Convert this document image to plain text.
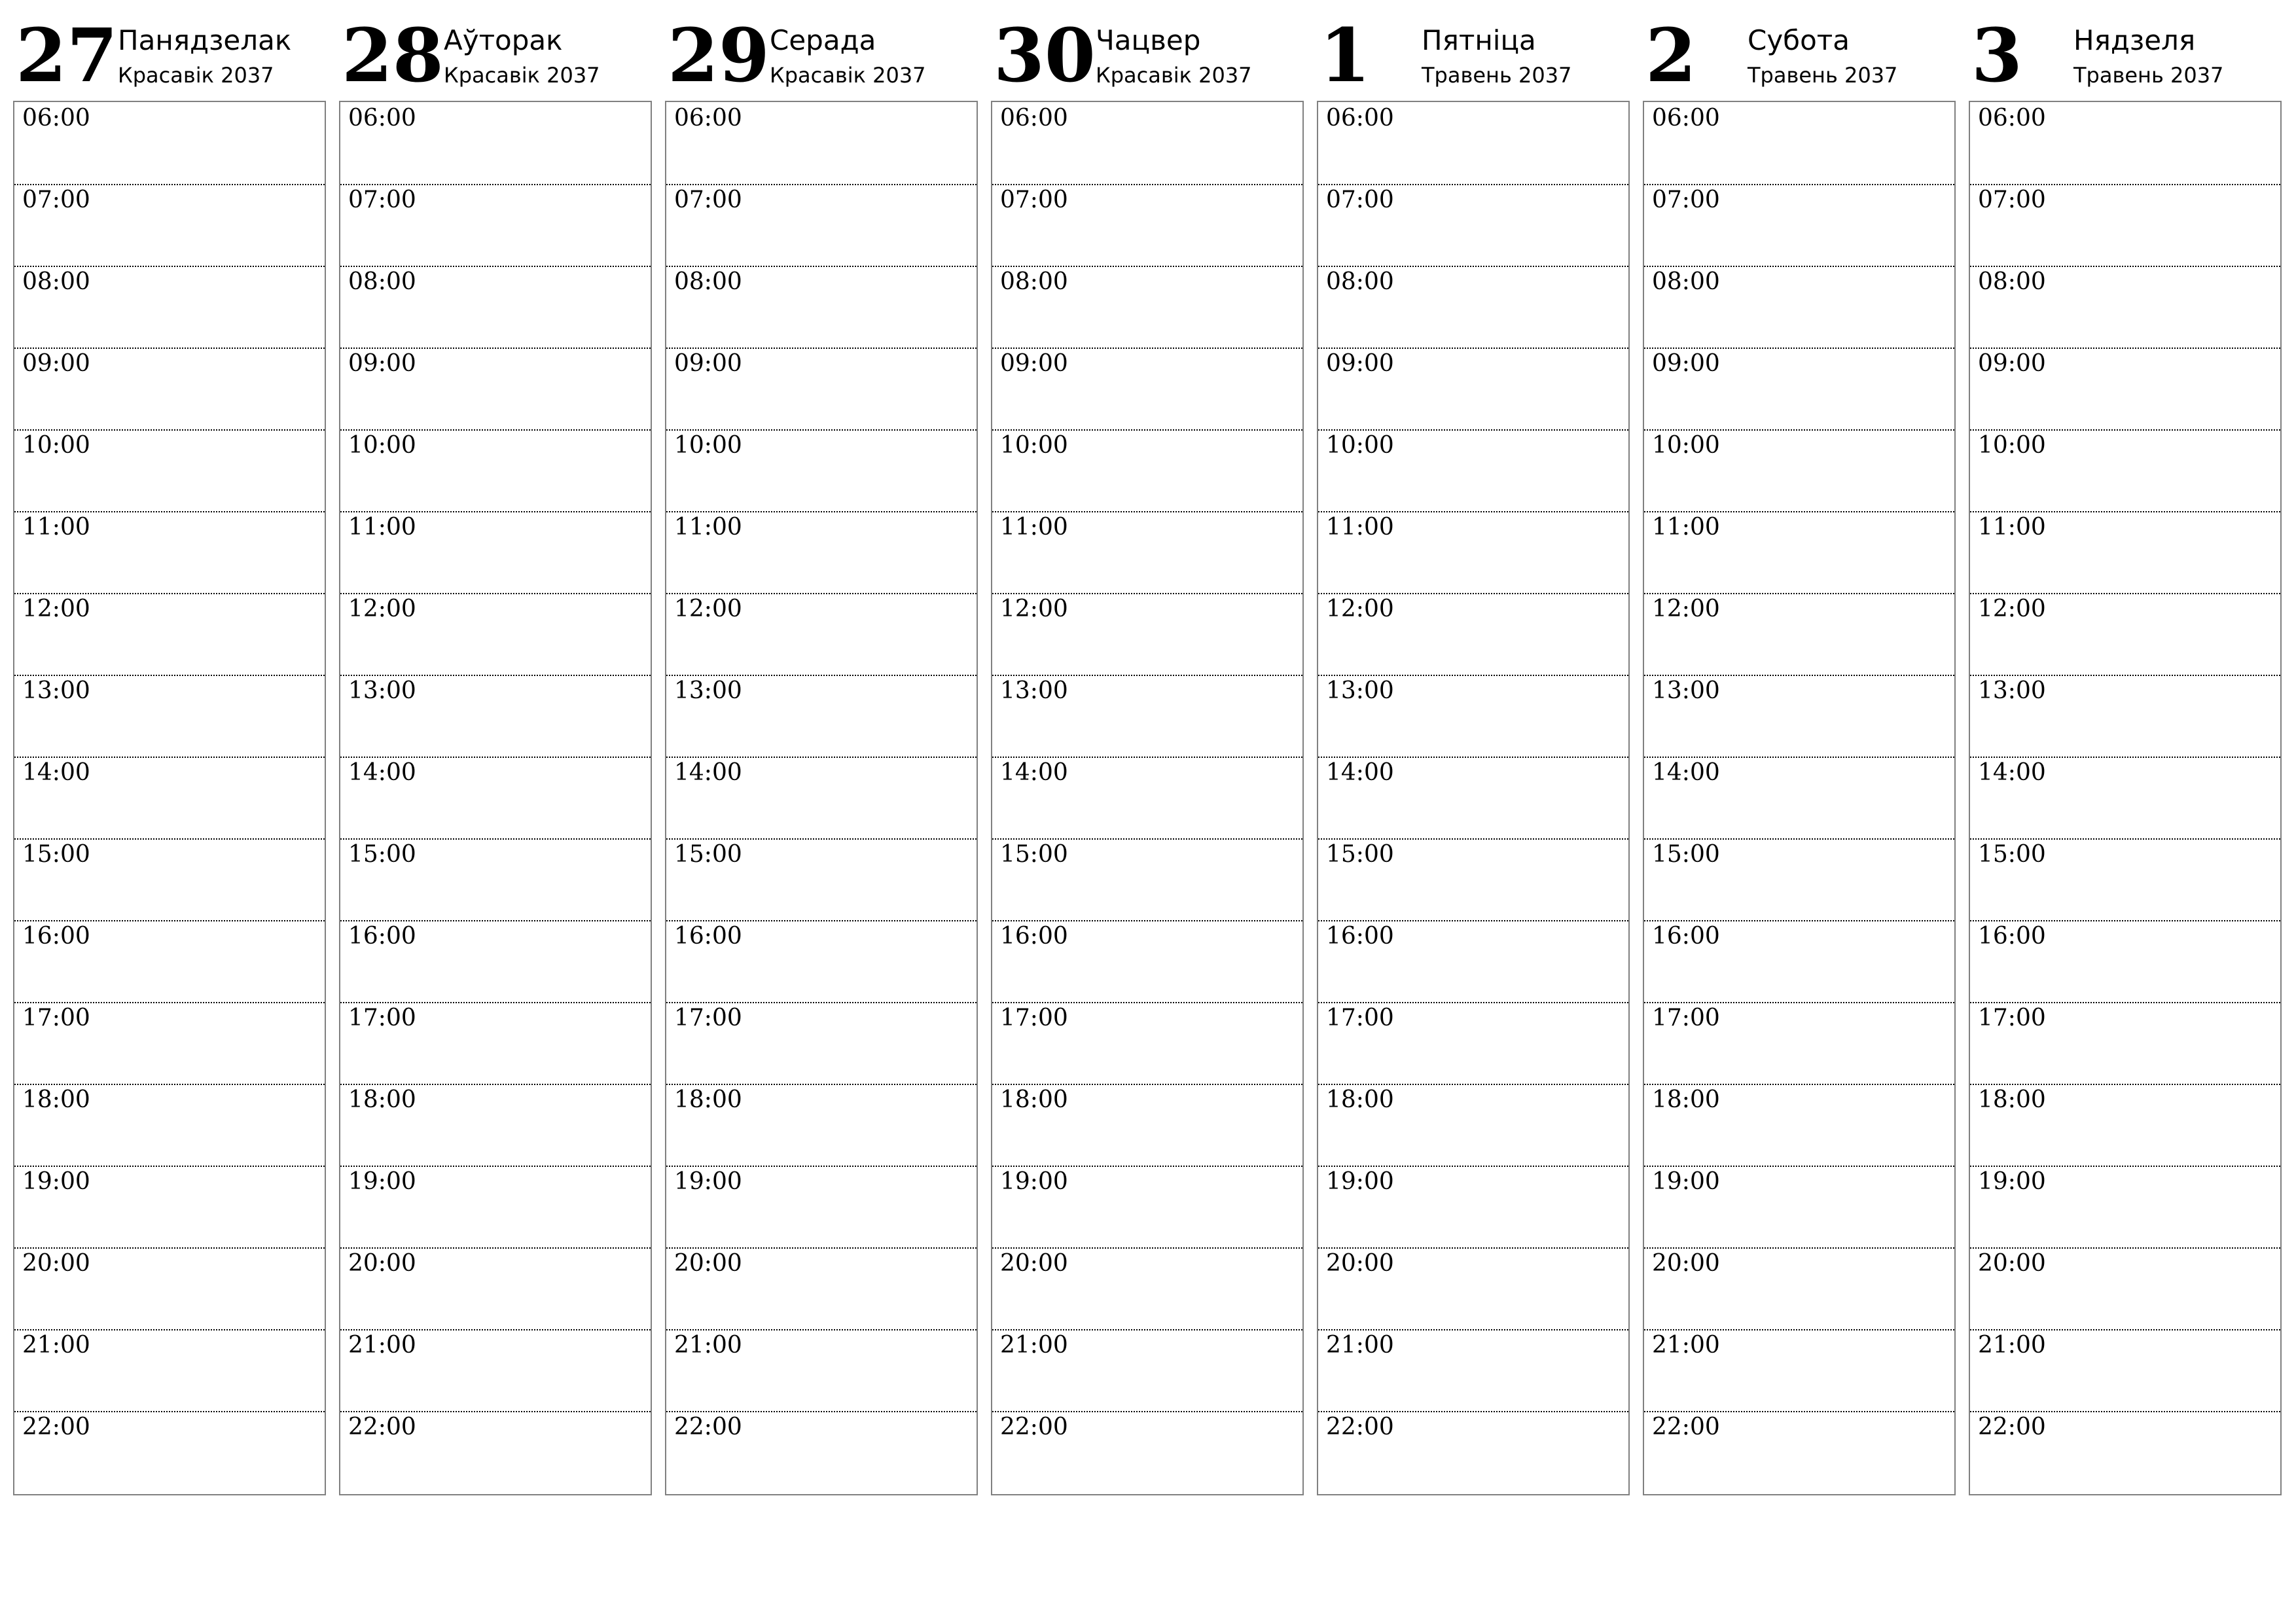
27 Панядзелак
Красавік 2037
06:00
07:00
08:00
09:00
10:00
11:00
12:00
13:00
14:00
15:00
16:00
17:00
18:00
19:00
20:00
21:00
22:00
28 Аўторак
Красавік 2037
06:00
07:00
08:00
09:00
10:00
11:00
12:00
13:00
14:00
15:00
16:00
17:00
18:00
19:00
20:00
21:00
22:00
29 Серада
Красавік 2037
06:00
07:00
08:00
09:00
10:00
11:00
12:00
13:00
14:00
15:00
16:00
17:00
18:00
19:00
20:00
21:00
22:00
30 Чацвер
Красавік 2037
06:00
07:00
08:00
09:00
10:00
11:00
12:00
13:00
14:00
15:00
16:00
17:00
18:00
19:00
20:00
21:00
22:00
1 Пятніца
Травень 2037
06:00
07:00
08:00
09:00
10:00
11:00
12:00
13:00
14:00
15:00
16:00
17:00
18:00
19:00
20:00
21:00
22:00
2 Субота
Травень 2037
06:00
07:00
08:00
09:00
10:00
11:00
12:00
13:00
14:00
15:00
16:00
17:00
18:00
19:00
20:00
21:00
22:00
3 Нядзеля
Травень 2037
06:00
07:00
08:00
09:00
10:00
11:00
12:00
13:00
14:00
15:00
16:00
17:00
18:00
19:00
20:00
21:00
22:00
